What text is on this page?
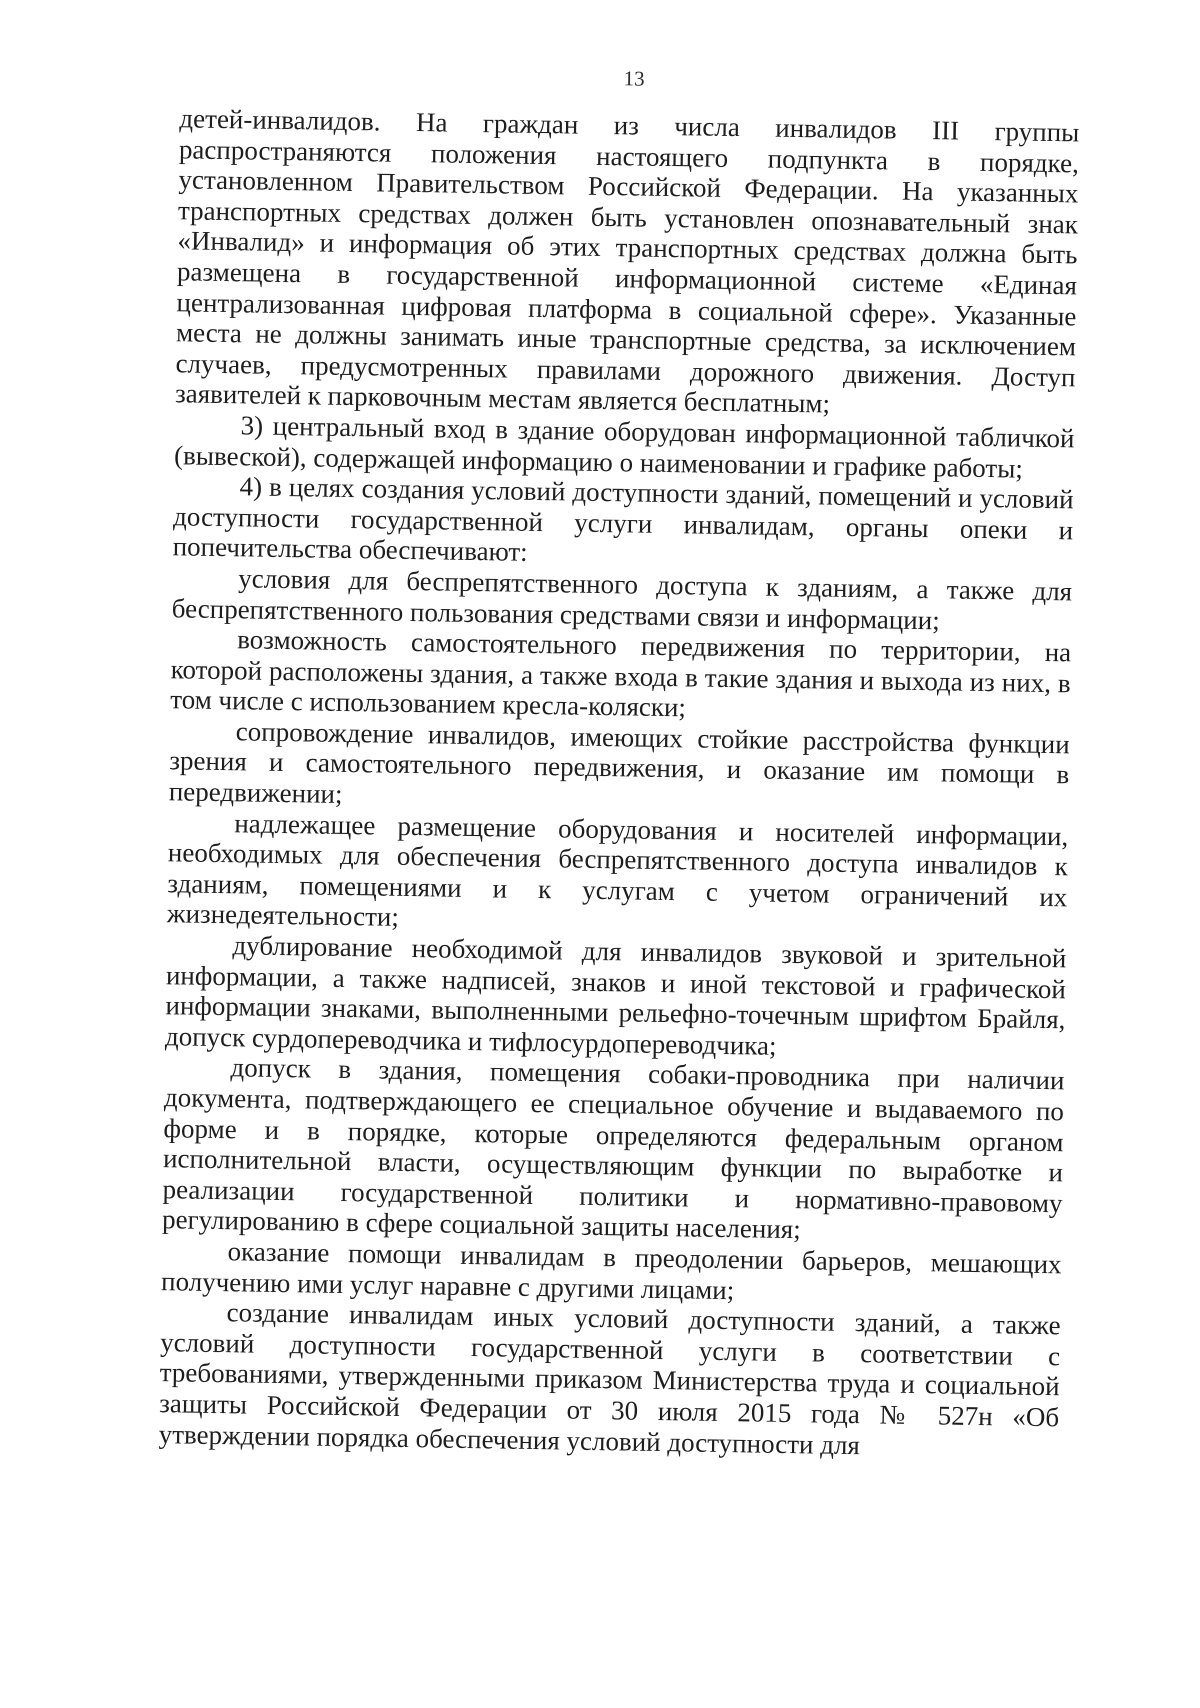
13

детей-инвалидов. На граждан из числа инвалидов III группы распространяются положения настоящего подпункта в порядке, установленном Правительством Российской Федерации. На указанных транспортных средствах должен быть установлен опознавательный знак «Инвалид» и информация об этих транспортных средствах должна быть размещена в государственной информационной системе «Единая централизованная цифровая платформа в социальной сфере». Указанные места не должны занимать иные транспортные средства, за исключением случаев, предусмотренных правилами дорожного движения. Доступ заявителей к парковочным местам является бесплатным;

3) центральный вход в здание оборудован информационной табличкой (вывеской), содержащей информацию о наименовании и графике работы;

4) в целях создания условий доступности зданий, помещений и условий доступности государственной услуги инвалидам, органы опеки и попечительства обеспечивают:

условия для беспрепятственного доступа к зданиям, а также для беспрепятственного пользования средствами связи и информации;

возможность самостоятельного передвижения по территории, на которой расположены здания, а также входа в такие здания и выхода из них, в том числе с использованием кресла-коляски;

сопровождение инвалидов, имеющих стойкие расстройства функции зрения и самостоятельного передвижения, и оказание им помощи в передвижении;

надлежащее размещение оборудования и носителей информации, необходимых для обеспечения беспрепятственного доступа инвалидов к зданиям, помещениями и к услугам с учетом ограничений их жизнедеятельности;

дублирование необходимой для инвалидов звуковой и зрительной информации, а также надписей, знаков и иной текстовой и графической информации знаками, выполненными рельефно-точечным шрифтом Брайля, допуск сурдопереводчика и тифлосурдопереводчика;

допуск в здания, помещения собаки-проводника при наличии документа, подтверждающего ее специальное обучение и выдаваемого по форме и в порядке, которые определяются федеральным органом исполнительной власти, осуществляющим функции по выработке и реализации государственной политики и нормативно-правовому регулированию в сфере социальной защиты населения;

оказание помощи инвалидам в преодолении барьеров, мешающих получению ими услуг наравне с другими лицами;

создание инвалидам иных условий доступности зданий, а также условий доступности государственной услуги в соответствии с требованиями, утвержденными приказом Министерства труда и социальной защиты Российской Федерации от 30 июля 2015 года № 527н «Об утверждении порядка обеспечения условий доступности для
